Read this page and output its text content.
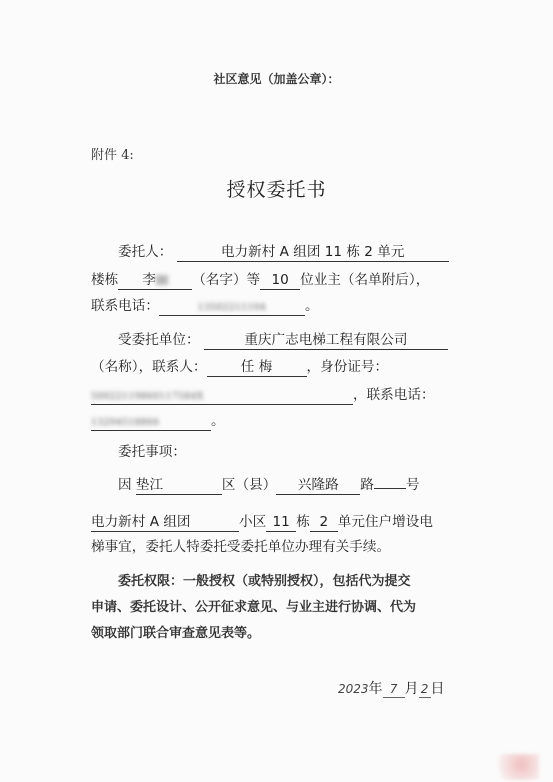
社区意见（加盖公章）：
附件 4:
授权委托书
委托人：	电力新村 A 组团 11 栋 2 单元
楼栋 李	（名字）等 10 位业主（名单附后），
联系电话：	13502211104	。
受委托单位：	重庆广志电梯工程有限公司
（名称），联系人：	任 梅	，身份证号：
50022119860117584X	，联系电话：
13294518866	。
委托事项：
因 垫江	区（县） 兴隆路 路 号
电力新村 A 组团	小区 11 栋 2 单元住户增设电
梯事宜，委托人特委托受委托单位办理有关手续。
委托权限：一般授权（或特别授权），包括代为提交
申请、委托设计、公开征求意见、与业主进行协调、代为
领取部门联合审查意见表等。
2023年 7 月 2 日
